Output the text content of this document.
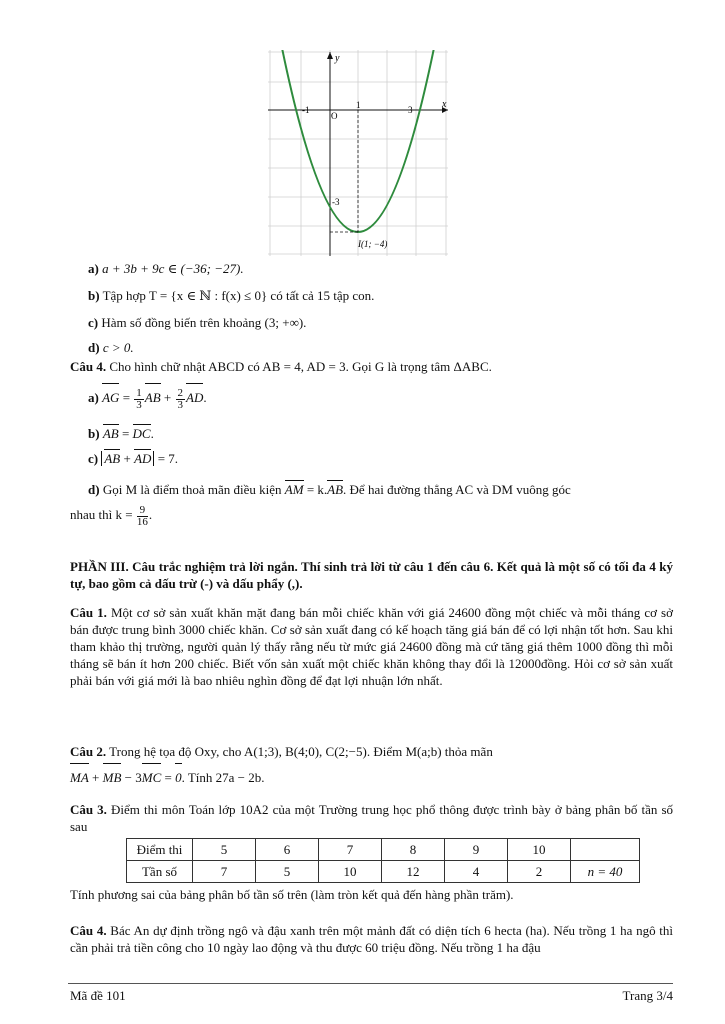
y
x
O
-1	1	3
-3
I(1; −4)
a) a + 3b + 9c ∈ (−36; −27).
b) Tập hợp T = {x ∈ ℕ : f(x) ≤ 0} có tất cả 15 tập con.
c) Hàm số đồng biến trên khoảng (3; +∞).
d) c > 0.
Câu 4. Cho hình chữ nhật ABCD có AB = 4, AD = 3. Gọi G là trọng tâm ΔABC.
a) AG = $\frac{1}{3}$ AB + $\frac{2}{3}$ AD.
b) AB = DC.
c) AB + AD = 7.
d) Gọi M là điểm thoả mãn điều kiện AM = k.AB. Để hai đường thẳng AC và DM vuông góc
nhau thì $k = \frac{9}{16}$ .
PHẦN III. Câu trắc nghiệm trả lời ngắn. Thí sinh trả lời từ câu 1 đến câu 6. Kết quả là một số có tối đa 4 ký tự, bao gồm cả dấu trừ (-) và dấu phẩy (,).
Câu 1. Một cơ sở sản xuất khăn mặt đang bán mỗi chiếc khăn với giá 24600 đồng một chiếc và mỗi tháng cơ sở bán được trung bình 3000 chiếc khăn. Cơ sở sản xuất đang có kế hoạch tăng giá bán để có lợi nhận tốt hơn. Sau khi tham khảo thị trường, người quản lý thấy rằng nếu từ mức giá 24600 đồng mà cứ tăng giá thêm 1000 đồng thì mỗi tháng sẽ bán ít hơn 200 chiếc. Biết vốn sản xuất một chiếc khăn không thay đổi là 12000đồng. Hỏi cơ sở sản xuất phải bán với giá mới là bao nhiêu nghìn đồng để đạt lợi nhuận lớn nhất.
Câu 2. Trong hệ tọa độ Oxy, cho A(1;3), B(4;0), C(2;−5). Điểm M(a;b) thỏa mãn
MA + MB − 3MC = 0. Tính 27a − 2b.
Câu 3. Điểm thi môn Toán lớp 10A2 của một Trường trung học phổ thông được trình bày ở bảng phân bố tần số sau
Điểm thi	5	6	7	8	9	10	
Tần số	7	5	10	12	4	2	n = 40
Tính phương sai của bảng phân bố tần số trên (làm tròn kết quả đến hàng phần trăm).
Câu 4. Bác An dự định trồng ngô và đậu xanh trên một mảnh đất có diện tích 6 hecta (ha). Nếu trồng 1 ha ngô thì cần phải trả tiền công cho 10 ngày lao động và thu được 60 triệu đồng. Nếu trồng 1 ha đậu
Mã đề 101	Trang 3/4
